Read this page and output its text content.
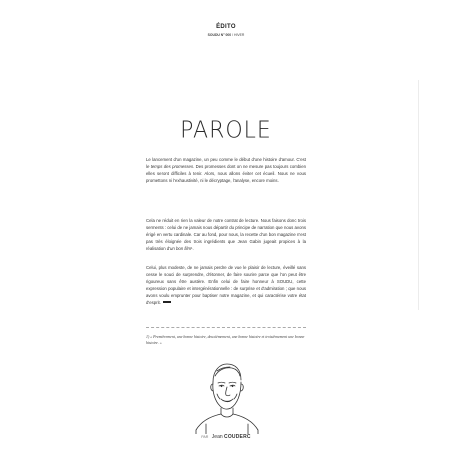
ÉDITO
SOUDU N° 000 / HIVER
PAROLE

Le lancement d'un magazine, un peu comme le début d'une histoire d'amour. C'est le temps des promesses. Des promesses dont on ne mesure pas toujours combien elles seront difficiles à tenir. Alors, nous allons éviter cet écueil. Nous ne vous promettons ni l'exhaustivité, ni le décryptage, l'analyse, encore moins.

Cela ne réduit en rien la valeur de notre contrat de lecture. Nous faisons donc trois serments : celui de ne jamais nous départir du principe de narration que nous avons érigé en vertu cardinale. Car au fond, pour nous, la recette d'un bon magazine n'est pas très éloignée des trois ingrédients que Jean Gabin jugeait propices à la réalisation d'un bon film¹.

Celui, plus modeste, de ne jamais perdre de vue le plaisir de lecture, éveillé sans cesse le souci de surprendre, d'étonner, de faire sourire parce que l'on peut être rigoureux sans être austère. Enfin celui de faire honneur à SOUDU, cette expression populaire et intergénérationnelle : de surprise et d'admiration ; que nous avons voulu emprunter pour baptiser notre magazine, et qui caractérise votre état d'esprit.

1) « Premièrement, une bonne histoire, deuxièmement, une bonne histoire et troisièmement une bonne histoire. »

PAR Jean COUDERC
